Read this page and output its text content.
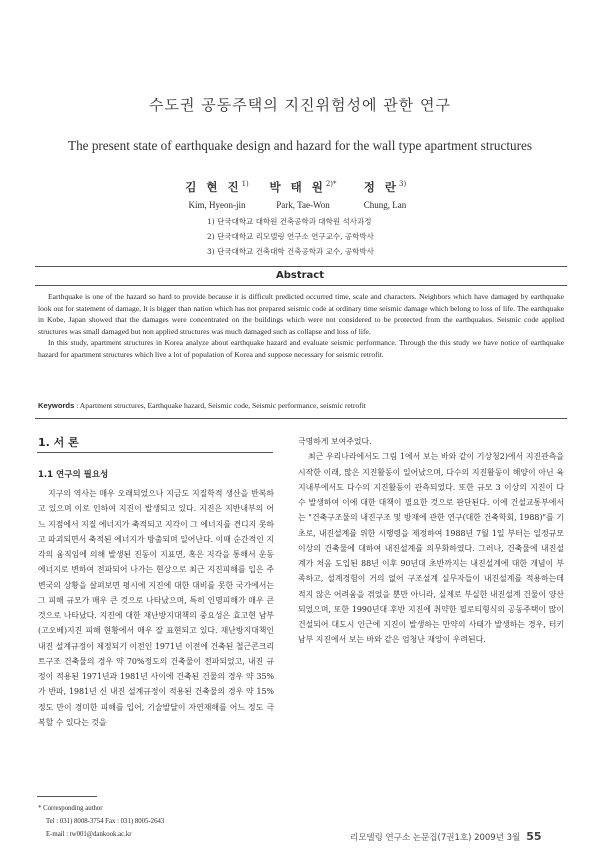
수도권 공동주택의 지진위험성에 관한 연구
The present state of earthquake design and hazard for the wall type apartment structures
김 현 진$^{1)}$
Kim, Hyeon-jin
박 태 원$^{2)*}$
Park, Tae-Won
정 란$^{3)}$
Chung, Lan
1) 단국대학교 대학원 건축공학과 대학원 석사과정
2) 단국대학교 리모델링 연구소 연구교수, 공학박사
3) 단국대학교 건축대학 건축공학과 교수, 공학박사
Abstract

Earthquake is one of the hazard so hard to provide because it is difficult predicted occurred time, scale and characters. Neighbors which have damaged by earthquake look out for statement of damage, It is bigger than nation which has not prepared seismic code at ordinary time seismic damage which belong to loss of life. The earthquake in Kobe, Japan showed that the damages were concentrated on the buildings which were not considered to be protected from the earthquakes. Seismic code applied structures was small damaged but non applied structures was much damaged such as collapse and loss of life.

In this study, apartment structures in Korea analyze about earthquake hazard and evaluate seismic performance. Through the this study we have notice of earthquake hazard for apartment structures which live a lot of population of Korea and suppose necessary for seismic retrofit.

Keywords : Apartment structures, Earthquake hazard, Seismic code, Seismic performance, seismic retrofit
1. 서 론
1.1 연구의 필요성

지구의 역사는 매우 오래되었으나 지금도 지질학적 생산을 반복하고 있으며 이로 인하여 지진이 발생되고 있다. 지진은 지반내부의 어느 지점에서 지질 에너지가 축적되고 지각이 그 에너지를 견디지 못하고 파괴되면서 축적된 에너지가 방출되며 일어난다. 이때 순간적인 지각의 움직임에 의해 발생된 진동이 지표면, 혹은 지각을 통해서 운동에너지로 변하여 전파되어 나가는 현상으로 최근 지진피해를 입은 주변국의 상황을 살펴보면 평시에 지진에 대한 대비를 못한 국가에서는 그 피해 규모가 매우 큰 것으로 나타났으며, 특히 인명피해가 매우 큰 것으로 나타났다. 지진에 대한 재난방지대책의 중요성은 효고현 남부(고오베)지진 피해 현황에서 매우 잘 표현되고 있다. 재난방지대책인 내진 설계규정이 제정되기 이전인 1971년 이전에 건축된 철근콘크리트구조 건축물의 경우 약 70%정도의 건축물이 전파되었고, 내진 규정이 적용된 1971년과 1981년 사이에 건축된 건물의 경우 약 35%가 반파, 1981년 신 내진 설계규정이 적용된 건축물의 경우 약 15% 정도 만이 경미한 피해를 입어, 기술발달이 자연재해를 어느 정도 극복할 수 있다는 것을

극명하게 보여주었다.

최근 우리나라에서도 그림 1에서 보는 바와 같이 기상청2)에서 지진관측을 시작한 이래, 많은 지진활동이 일어났으며, 다수의 지진활동이 해양이 아닌 육지내부에서도 다수의 지진활동이 관측되었다. 또한 규모 3 이상의 지진이 다수 발생하여 이에 대한 대책이 필요한 것으로 판단된다. 이에 건설교통부에서는 "건축구조물의 내진구조 및 방재에 관한 연구(대한 건축학회, 1988)"를 기초로, 내진설계를 위한 시행령을 제정하여 1988년 7월 1일 부터는 일정규모 이상의 건축물에 대하여 내진설계를 의무화하였다. 그러나, 건축물에 내진설계가 처음 도입된 88년 이후 90년대 초반까지는 내진설계에 대한 개념이 부족하고, 설계경험이 거의 없어 구조설계 실무자들이 내진설계를 적용하는데 적지 않은 어려움을 겪었을 뿐만 아니라, 실제로 부실한 내진설계 건물이 양산되었으며, 또한 1990년대 후반 지진에 취약한 필로티형식의 공동주택이 많이 건설되어 대도시 인근에 지진이 발생하는 만약의 사태가 발생하는 경우, 터키 남부 지진에서 보는 바와 같은 엄청난 재앙이 우려된다.

* Corresponding author
Tel : 031) 8008-3754 Fax : 031) 8005-2643
E-mail : tw001@dankook.ac.kr	리모델링 연구소 논문집(7권1호) 2009년 3월 55
